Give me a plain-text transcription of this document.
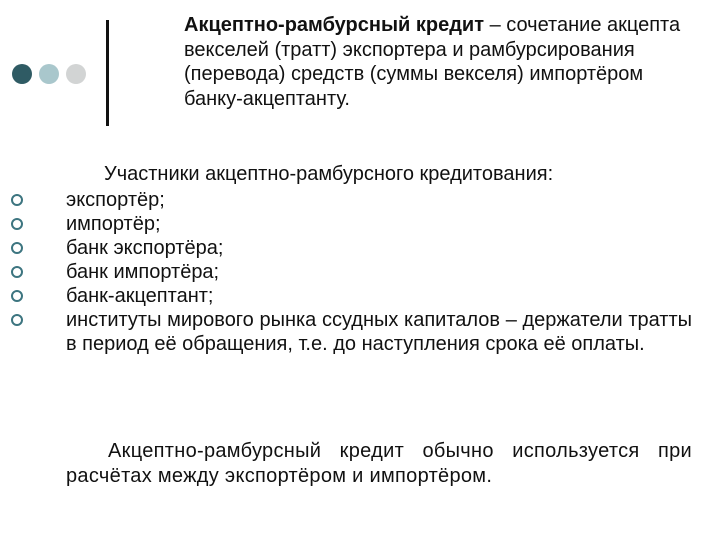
Акцептно-рамбурсный кредит – сочетание акцепта векселей (тратт) экспортера и рамбурсирования (перевода) средств (суммы векселя) импортёром банку-акцептанту.

Участники акцептно-рамбурсного кредитования:

экспортёр;
импортёр;
банк экспортёра;
банк импортёра;
банк-акцептант;
институты мирового рынка ссудных капиталов – держатели тратты в период её обращения, т.е. до наступления срока её оплаты.

Акцептно-рамбурсный кредит обычно используется при расчётах между экспортёром и импортёром.
